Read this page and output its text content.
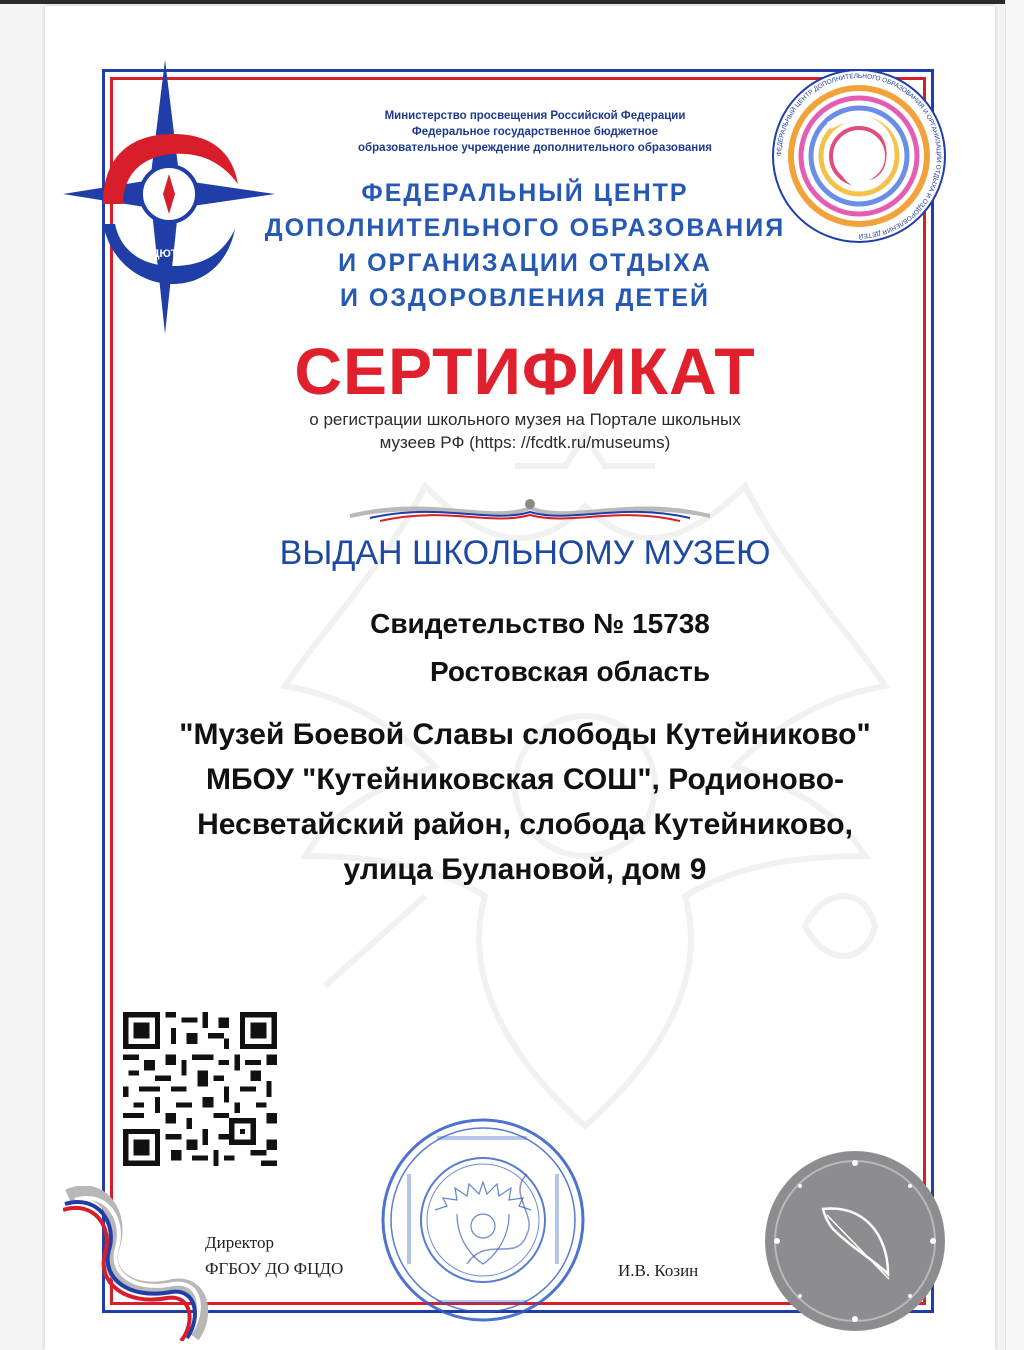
ЦДЮТиК
ФЕДЕРАЛЬНЫЙ ЦЕНТР ДОПОЛНИТЕЛЬНОГО ОБРАЗОВАНИЯ И ОРГАНИЗАЦИИ ОТДЫХА И ОЗДОРОВЛЕНИЯ ДЕТЕЙ
Министерство просвещения Российской Федерации
Федеральное государственное бюджетное
образовательное учреждение дополнительного образования
ФЕДЕРАЛЬНЫЙ ЦЕНТР
ДОПОЛНИТЕЛЬНОГО ОБРАЗОВАНИЯ
И ОРГАНИЗАЦИИ ОТДЫХА
И ОЗДОРОВЛЕНИЯ ДЕТЕЙ
СЕРТИФИКАТ
о регистрации школьного музея на Портале школьных
музеев РФ (https: //fcdtk.ru/museums)
ВЫДАН ШКОЛЬНОМУ МУЗЕЮ
Свидетельство № 15738
Ростовская область
"Музей Боевой Славы слободы Кутейниково"
МБОУ "Кутейниковская СОШ", Родионово-
Несветайский район, слобода Кутейниково,
улица Булановой, дом 9
Директор
ФГБОУ ДО ФЦДО	И.В. Козин
